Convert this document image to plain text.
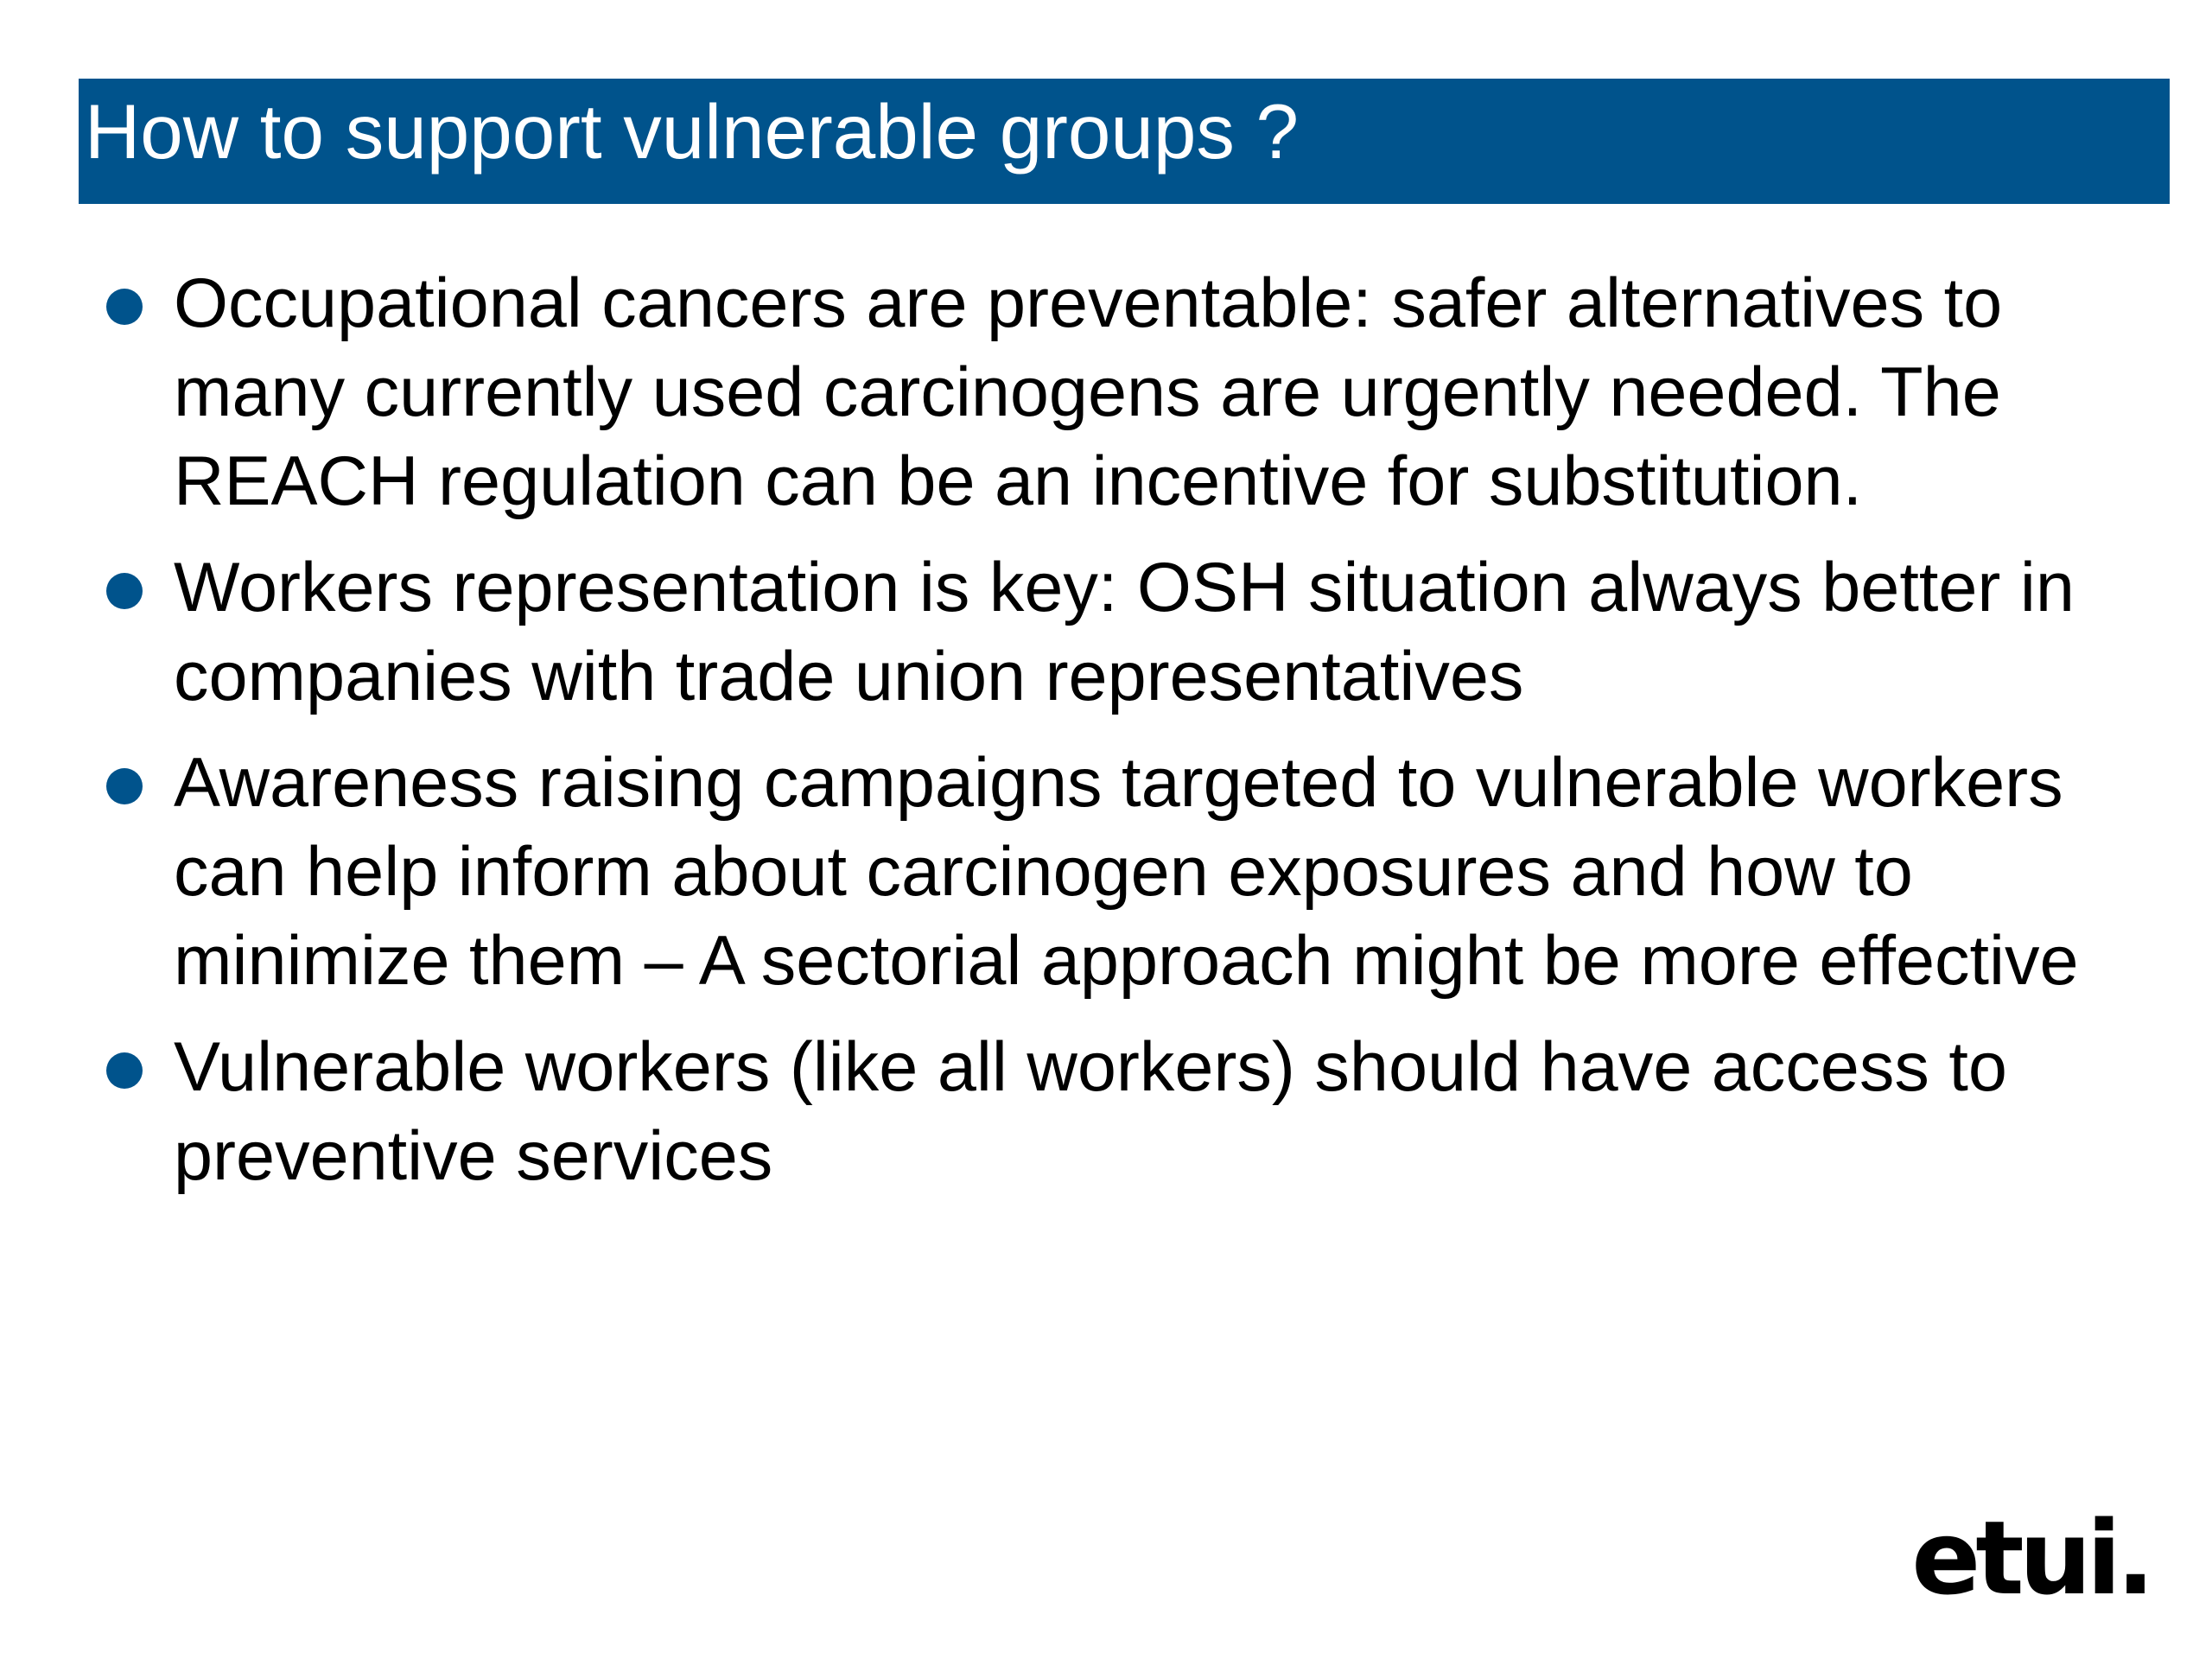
How to support vulnerable groups ?
Occupational cancers are preventable: safer alternatives to many currently used carcinogens are urgently needed. The REACH regulation can be an incentive for substitution.
Workers representation is key: OSH situation always better in companies with trade union representatives
Awareness raising campaigns targeted to vulnerable workers can help inform about carcinogen exposures and how to minimize them – A sectorial approach might be more effective
Vulnerable workers (like all workers) should have access to preventive services
etui.
